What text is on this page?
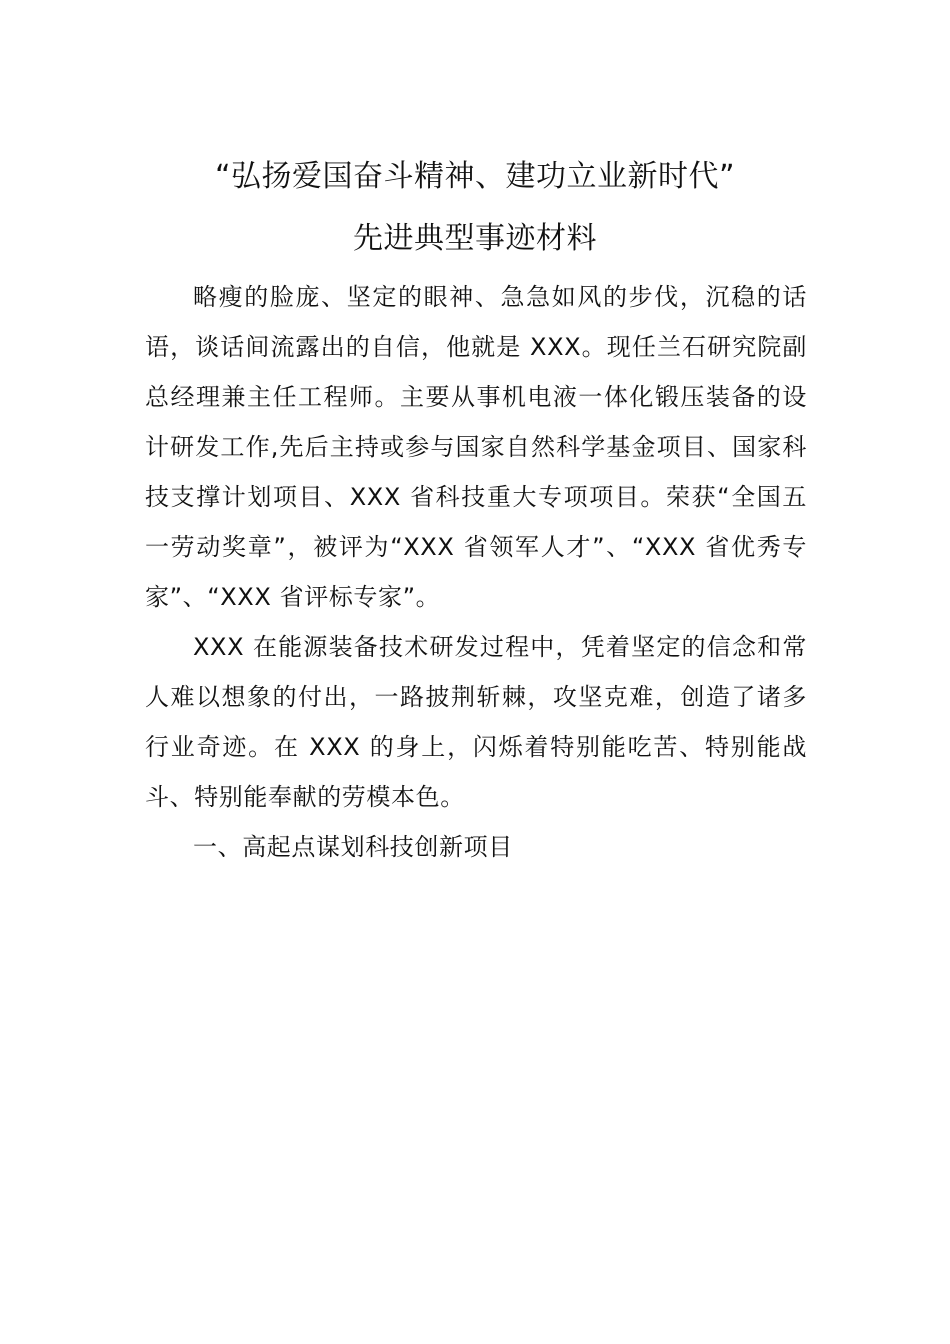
“弘扬爱国奋斗精神、建功立业新时代”
先进典型事迹材料

略瘦的脸庞、坚定的眼神、急急如风的步伐，沉稳的话语，谈话间流露出的自信，他就是 XXX。现任兰石研究院副总经理兼主任工程师。主要从事机电液一体化锻压装备的设计研发工作,先后主持或参与国家自然科学基金项目、国家科技支撑计划项目、XXX 省科技重大专项项目。荣获“全国五一劳动奖章”，被评为“XXX 省领军人才”、“XXX 省优秀专家”、“XXX 省评标专家”。

XXX 在能源装备技术研发过程中，凭着坚定的信念和常人难以想象的付出，一路披荆斩棘，攻坚克难，创造了诸多行业奇迹。在 XXX 的身上，闪烁着特别能吃苦、特别能战斗、特别能奉献的劳模本色。

一、高起点谋划科技创新项目
